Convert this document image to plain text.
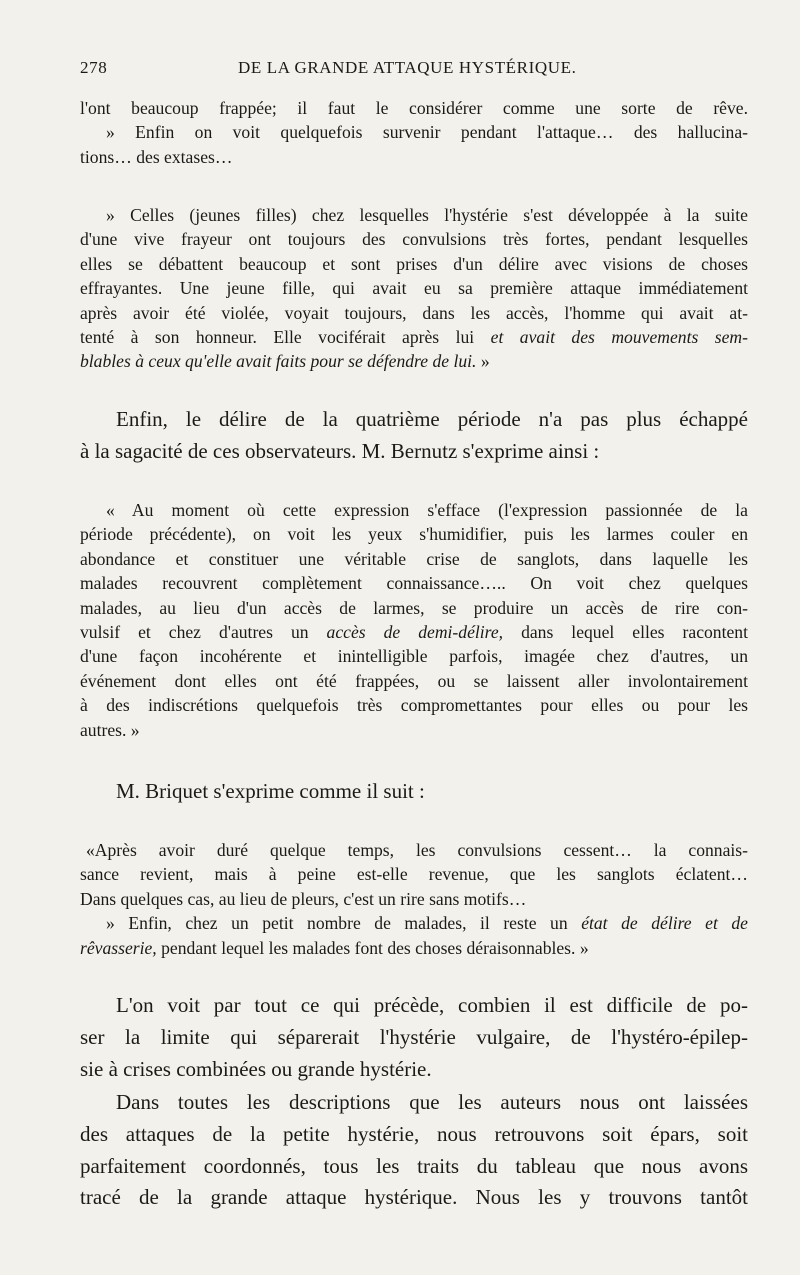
278	DE LA GRANDE ATTAQUE HYSTÉRIQUE.

l'ont beaucoup frappée; il faut le considérer comme une sorte de rêve.

» Enfin on voit quelquefois survenir pendant l'attaque… des hallucina-

tions… des extases…

» Celles (jeunes filles) chez lesquelles l'hystérie s'est développée à la suite

d'une vive frayeur ont toujours des convulsions très fortes, pendant lesquelles

elles se débattent beaucoup et sont prises d'un délire avec visions de choses

effrayantes. Une jeune fille, qui avait eu sa première attaque immédiatement

après avoir été violée, voyait toujours, dans les accès, l'homme qui avait at-

tenté à son honneur. Elle vociférait après lui et avait des mouvements sem-

blables à ceux qu'elle avait faits pour se défendre de lui. »

Enfin, le délire de la quatrième période n'a pas plus échappé

à la sagacité de ces observateurs. M. Bernutz s'exprime ainsi :

« Au moment où cette expression s'efface (l'expression passionnée de la

période précédente), on voit les yeux s'humidifier, puis les larmes couler en

abondance et constituer une véritable crise de sanglots, dans laquelle les

malades recouvrent complètement connaissance….. On voit chez quelques

malades, au lieu d'un accès de larmes, se produire un accès de rire con-

vulsif et chez d'autres un accès de demi-délire, dans lequel elles racontent

d'une façon incohérente et inintelligible parfois, imagée chez d'autres, un

événement dont elles ont été frappées, ou se laissent aller involontairement

à des indiscrétions quelquefois très compromettantes pour elles ou pour les

autres. »

M. Briquet s'exprime comme il suit :

«Après avoir duré quelque temps, les convulsions cessent… la connais-

sance revient, mais à peine est-elle revenue, que les sanglots éclatent…

Dans quelques cas, au lieu de pleurs, c'est un rire sans motifs…

» Enfin, chez un petit nombre de malades, il reste un état de délire et de

rêvasserie, pendant lequel les malades font des choses déraisonnables. »

L'on voit par tout ce qui précède, combien il est difficile de po-

ser la limite qui séparerait l'hystérie vulgaire, de l'hystéro-épilep-

sie à crises combinées ou grande hystérie.

Dans toutes les descriptions que les auteurs nous ont laissées

des attaques de la petite hystérie, nous retrouvons soit épars, soit

parfaitement coordonnés, tous les traits du tableau que nous avons

tracé de la grande attaque hystérique. Nous les y trouvons tantôt
